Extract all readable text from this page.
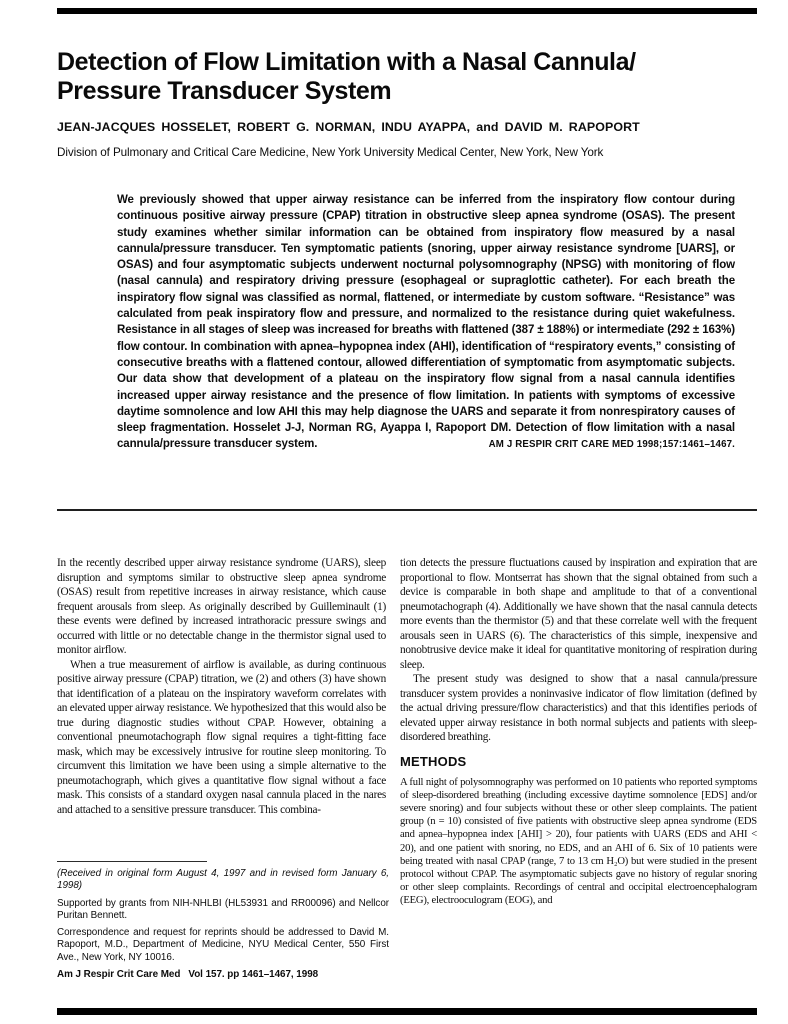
Detection of Flow Limitation with a Nasal Cannula/
Pressure Transducer System
JEAN-JACQUES HOSSELET, ROBERT G. NORMAN, INDU AYAPPA, and DAVID M. RAPOPORT
Division of Pulmonary and Critical Care Medicine, New York University Medical Center, New York, New York

We previously showed that upper airway resistance can be inferred from the inspiratory flow contour during continuous positive airway pressure (CPAP) titration in obstructive sleep apnea syndrome (OSAS). The present study examines whether similar information can be obtained from inspiratory flow measured by a nasal cannula/pressure transducer. Ten symptomatic patients (snoring, upper airway resistance syndrome [UARS], or OSAS) and four asymptomatic subjects underwent nocturnal polysomnography (NPSG) with monitoring of flow (nasal cannula) and respiratory driving pressure (esophageal or supraglottic catheter). For each breath the inspiratory flow signal was classified as normal, flattened, or intermediate by custom software. “Resistance” was calculated from peak inspiratory flow and pressure, and normalized to the resistance during quiet wakefulness. Resistance in all stages of sleep was increased for breaths with flattened (387 ± 188%) or intermediate (292 ± 163%) flow contour. In combination with apnea–hypopnea index (AHI), identification of “respiratory events,” consisting of consecutive breaths with a flattened contour, allowed differentiation of symptomatic from asymptomatic subjects. Our data show that development of a plateau on the inspiratory flow signal from a nasal cannula identifies increased upper airway resistance and the presence of flow limitation. In patients with symptoms of excessive daytime somnolence and low AHI this may help diagnose the UARS and separate it from nonrespiratory causes of sleep fragmentation. Hosselet J-J, Norman RG, Ayappa I, Rapoport DM. Detection of flow limitation with a nasal cannula/pressure transducer system.	AM J RESPIR CRIT CARE MED 1998;157:1461–1467.

In the recently described upper airway resistance syndrome (UARS), sleep disruption and symptoms similar to obstructive sleep apnea syndrome (OSAS) result from repetitive increases in airway resistance, which cause frequent arousals from sleep. As originally described by Guilleminault (1) these events were defined by increased intrathoracic pressure swings and occurred with little or no detectable change in the thermistor signal used to monitor airflow.

When a true measurement of airflow is available, as during continuous positive airway pressure (CPAP) titration, we (2) and others (3) have shown that identification of a plateau on the inspiratory waveform correlates with an elevated upper airway resistance. We hypothesized that this would also be true during diagnostic studies without CPAP. However, obtaining a conventional pneumotachograph flow signal requires a tight-fitting face mask, which may be excessively intrusive for routine sleep monitoring. To circumvent this limitation we have been using a simple alternative to the pneumotachograph, which gives a quantitative flow signal without a face mask. This consists of a standard oxygen nasal cannula placed in the nares and attached to a sensitive pressure transducer. This combina-

(Received in original form August 4, 1997 and in revised form January 6, 1998)

Supported by grants from NIH-NHLBI (HL53931 and RR00096) and Nellcor Puritan Bennett.

Correspondence and request for reprints should be addressed to David M. Rapoport, M.D., Department of Medicine, NYU Medical Center, 550 First Ave., New York, NY 10016.

Am J Respir Crit Care Med   Vol 157. pp 1461–1467, 1998

tion detects the pressure fluctuations caused by inspiration and expiration that are proportional to flow. Montserrat has shown that the signal obtained from such a device is comparable in both shape and amplitude to that of a conventional pneumotachograph (4). Additionally we have shown that the nasal cannula detects more events than the thermistor (5) and that these correlate well with the frequent arousals seen in UARS (6). The characteristics of this simple, inexpensive and nonobtrusive device make it ideal for quantitative monitoring of respiration during sleep.

The present study was designed to show that a nasal cannula/pressure transducer system provides a noninvasive indicator of flow limitation (defined by the actual driving pressure/flow characteristics) and that this identifies periods of elevated upper airway resistance in both normal subjects and patients with sleep-disordered breathing.

METHODS

A full night of polysomnography was performed on 10 patients who reported symptoms of sleep-disordered breathing (including excessive daytime somnolence [EDS] and/or severe snoring) and four subjects without these or other sleep complaints. The patient group (n = 10) consisted of five patients with obstructive sleep apnea syndrome (EDS and apnea–hypopnea index [AHI] > 20), four patients with UARS (EDS and AHI < 20), and one patient with snoring, no EDS, and an AHI of 6. Six of 10 patients were being treated with nasal CPAP (range, 7 to 13 cm H₂O) but were studied in the present protocol without CPAP. The asymptomatic subjects gave no history of regular snoring or other sleep complaints. Recordings of central and occipital electroencephalogram (EEG), electrooculogram (EOG), and
